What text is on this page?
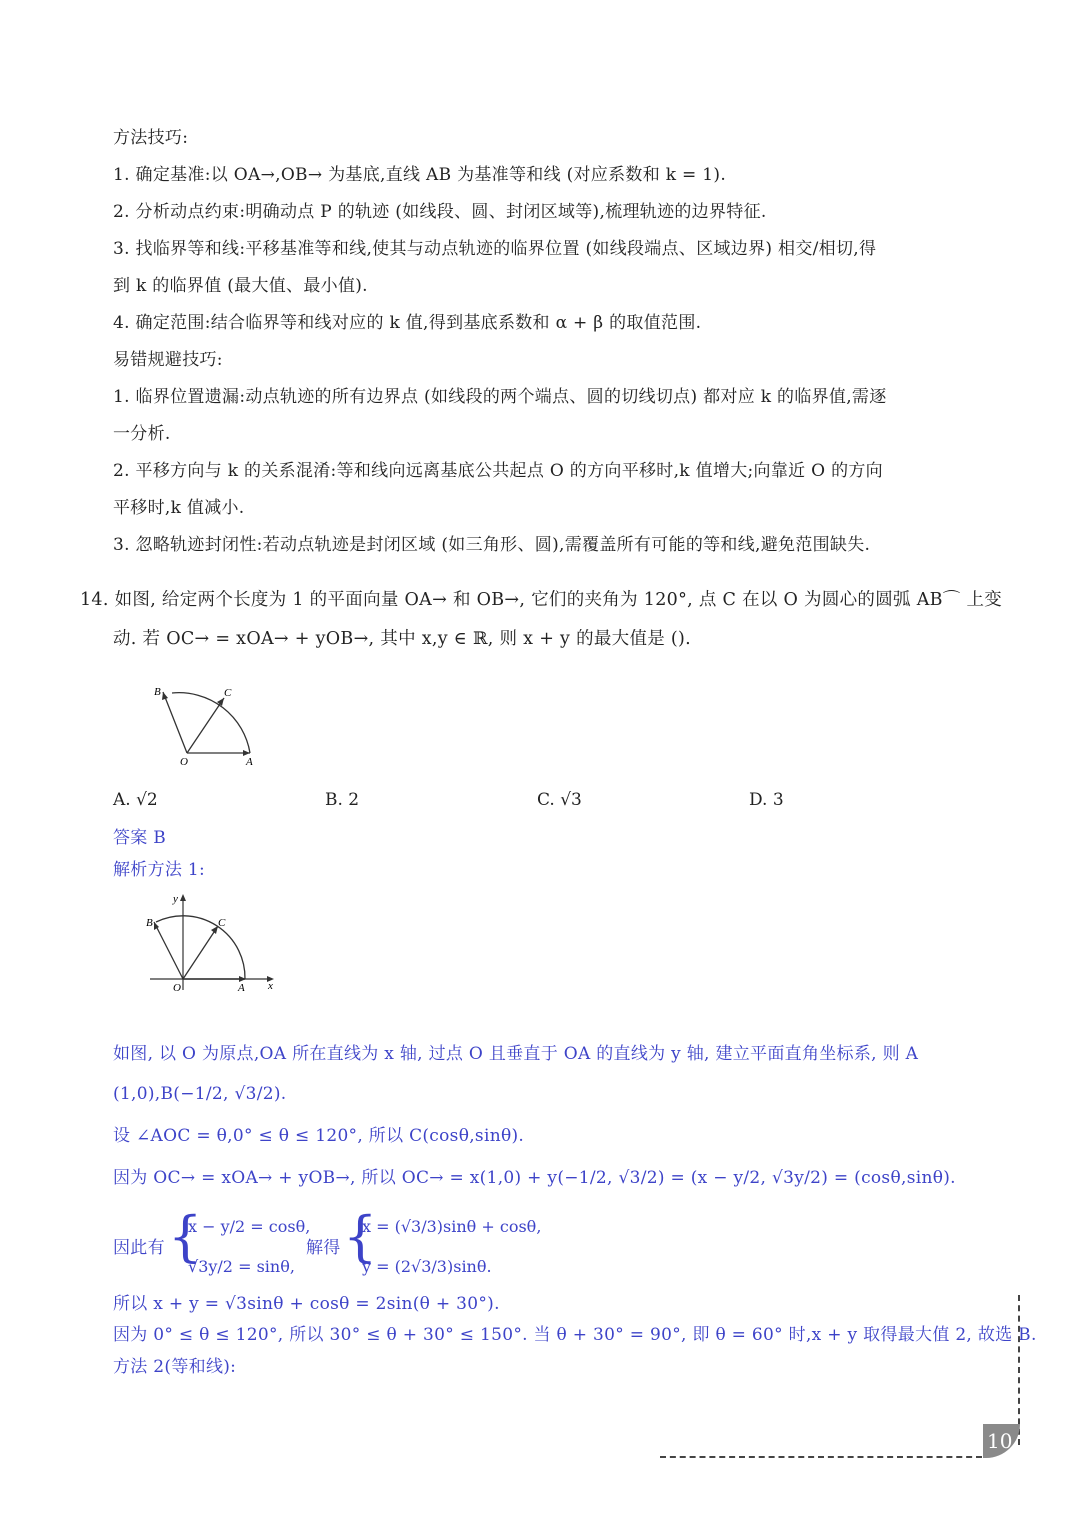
方法技巧:
1. 确定基准:以 OA→,OB→ 为基底,直线 AB 为基准等和线 (对应系数和 k = 1).
2. 分析动点约束:明确动点 P 的轨迹 (如线段、圆、封闭区域等),梳理轨迹的边界特征.
3. 找临界等和线:平移基准等和线,使其与动点轨迹的临界位置 (如线段端点、区域边界) 相交/相切,得
到 k 的临界值 (最大值、最小值).
4. 确定范围:结合临界等和线对应的 k 值,得到基底系数和 α + β 的取值范围.
易错规避技巧:
1. 临界位置遗漏:动点轨迹的所有边界点 (如线段的两个端点、圆的切线切点) 都对应 k 的临界值,需逐
一分析.
2. 平移方向与 k 的关系混淆:等和线向远离基底公共起点 O 的方向平移时,k 值增大;向靠近 O 的方向
平移时,k 值减小.
3. 忽略轨迹封闭性:若动点轨迹是封闭区域 (如三角形、圆),需覆盖所有可能的等和线,避免范围缺失.
14. 如图, 给定两个长度为 1 的平面向量 OA→ 和 OB→, 它们的夹角为 120°, 点 C 在以 O 为圆心的圆弧 AB⌒ 上变
动. 若 OC→ = xOA→ + yOB→, 其中 x,y ∈ ℝ, 则 x + y 的最大值是 ().
B	C
O	A
A. √2	B. 2	C. √3	D. 3
答案 B
解析方法 1:
y
B	C
O	A x
如图, 以 O 为原点,OA 所在直线为 x 轴, 过点 O 且垂直于 OA 的直线为 y 轴, 建立平面直角坐标系, 则 A
(1,0),B(−1/2, √3/2).
设 ∠AOC = θ,0° ≤ θ ≤ 120°, 所以 C(cosθ,sinθ).
因为 OC→ = xOA→ + yOB→, 所以 OC→ = x(1,0) + y(−1/2, √3/2) = (x − y/2, √3y/2) = (cosθ,sinθ).
因此有 {
x − y/2 = cosθ,
√3y/2 = sinθ,
解得 {
x = (√3/3)sinθ + cosθ,
y = (2√3/3)sinθ.
所以 x + y = √3sinθ + cosθ = 2sin(θ + 30°).
因为 0° ≤ θ ≤ 120°, 所以 30° ≤ θ + 30° ≤ 150°. 当 θ + 30° = 90°, 即 θ = 60° 时,x + y 取得最大值 2, 故选 B.
方法 2(等和线):
10
